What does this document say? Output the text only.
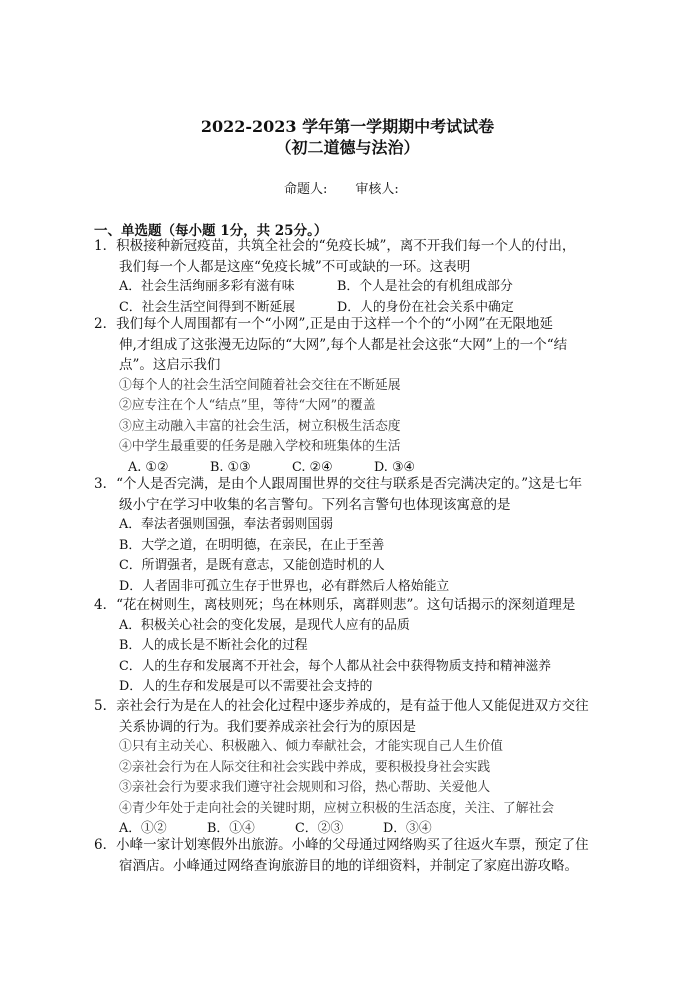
2022-2023 学年第一学期期中考试试卷
（初二道德与法治）
命题人: 审核人:
一、单选题（每小题 1分，共 25分。）
1．积极接种新冠疫苗，共筑全社会的“免疫长城”，离不开我们每一个人的付出，
我们每一个人都是这座“免疫长城”不可或缺的一环。这表明
A．社会生活绚丽多彩有滋有味	B．个人是社会的有机组成部分
C．社会生活空间得到不断延展	D．人的身份在社会关系中确定
2．我们每个人周围都有一个“小网”,正是由于这样一个个的“小网”在无限地延
伸,才组成了这张漫无边际的“大网”,每个人都是社会这张“大网”上的一个“结
点”。这启示我们
①每个人的社会生活空间随着社会交往在不断延展
②应专注在个人“结点”里，等待“大网”的覆盖
③应主动融入丰富的社会生活，树立积极生活态度
④中学生最重要的任务是融入学校和班集体的生活
A. ①②	B. ①③	C. ②④	D. ③④
3．“个人是否完满，是由个人跟周围世界的交往与联系是否完满决定的。”这是七年
级小宁在学习中收集的名言警句。下列名言警句也体现该寓意的是
A．奉法者强则国强，奉法者弱则国弱
B．大学之道，在明明德，在亲民，在止于至善
C．所谓强者，是既有意志，又能创造时机的人
D．人者固非可孤立生存于世界也，必有群然后人格始能立
4．“花在树则生，离枝则死；鸟在林则乐，离群则悲”。这句话揭示的深刻道理是
A．积极关心社会的变化发展，是现代人应有的品质
B．人的成长是不断社会化的过程
C．人的生存和发展离不开社会，每个人都从社会中获得物质支持和精神滋养
D．人的生存和发展是可以不需要社会支持的
5．亲社会行为是在人的社会化过程中逐步养成的，是有益于他人又能促进双方交往
关系协调的行为。我们要养成亲社会行为的原因是
①只有主动关心、积极融入、倾力奉献社会，才能实现自己人生价值
②亲社会行为在人际交往和社会实践中养成，要积极投身社会实践
③亲社会行为要求我们遵守社会规则和习俗，热心帮助、关爱他人
④青少年处于走向社会的关键时期，应树立积极的生活态度，关注、了解社会
A．①②	B．①④	C．②③	D．③④
6．小峰一家计划寒假外出旅游。小峰的父母通过网络购买了往返火车票，预定了住
宿酒店。小峰通过网络查询旅游目的地的详细资料，并制定了家庭出游攻略。
